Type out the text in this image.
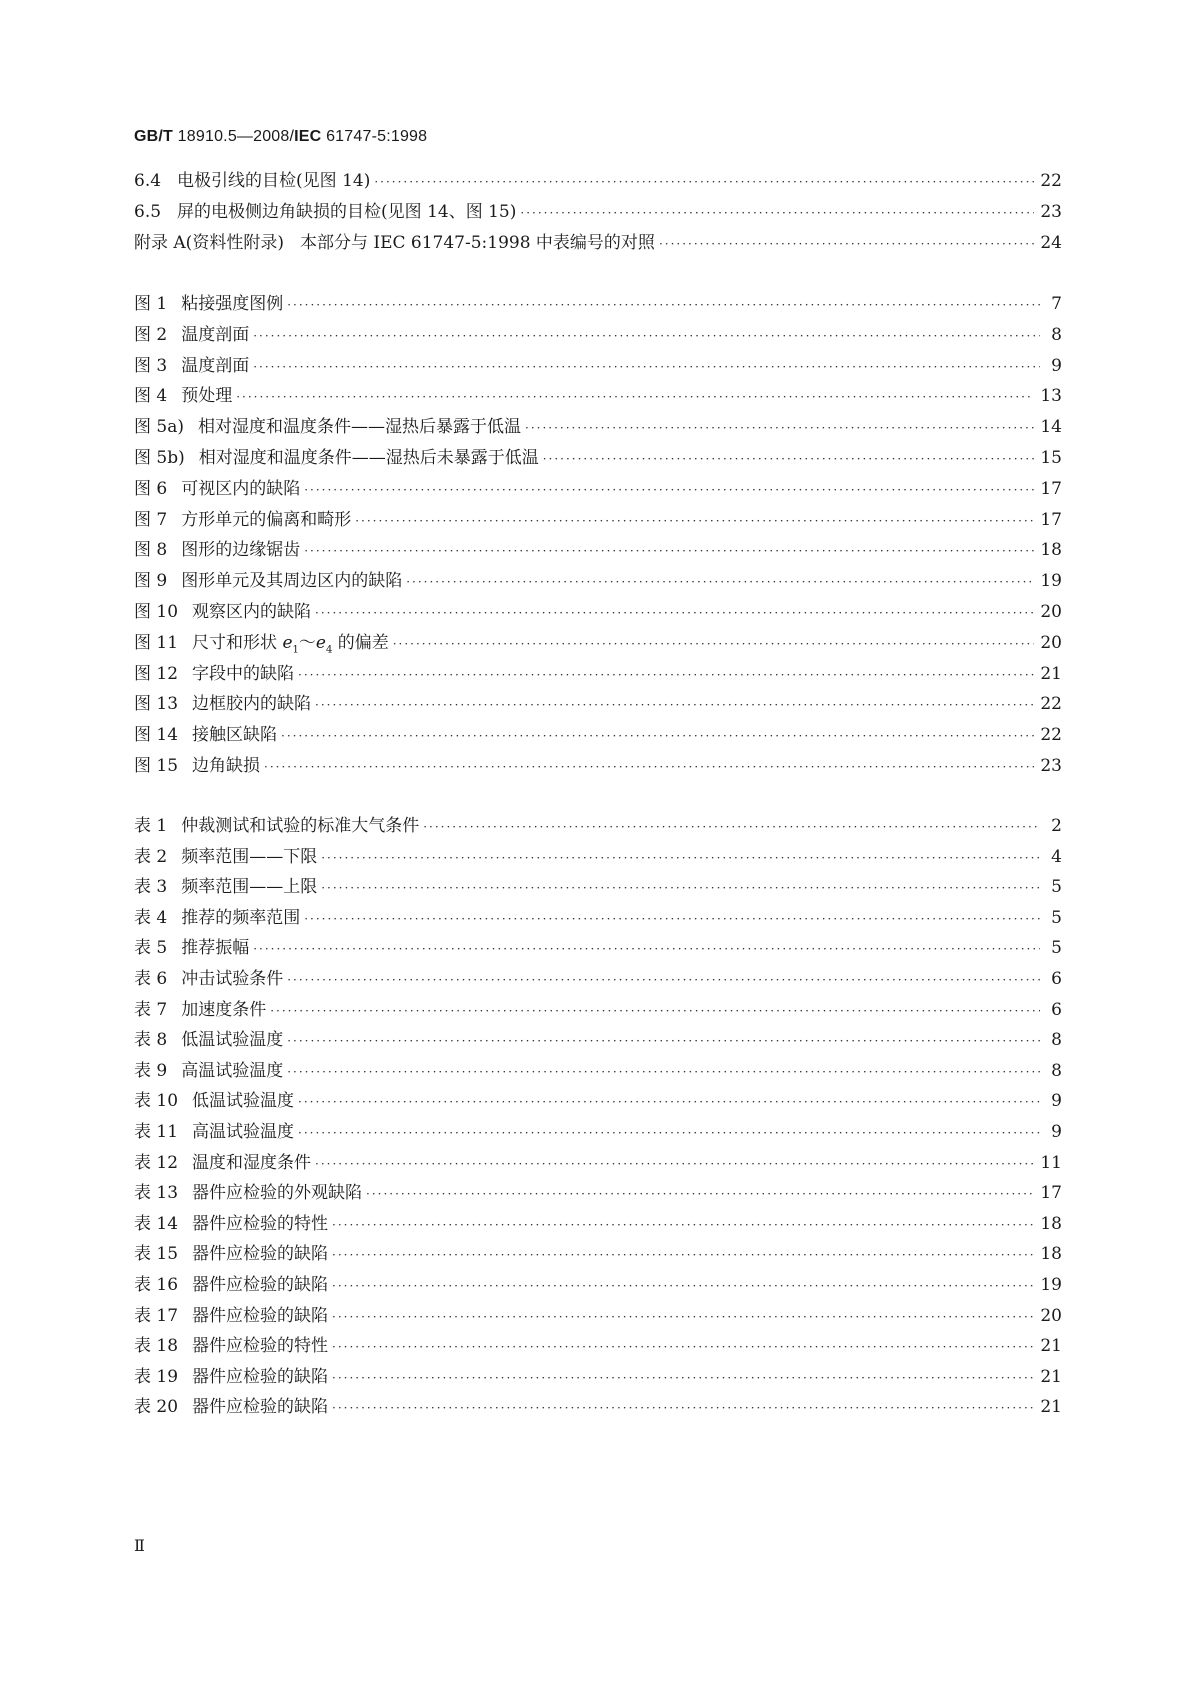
GB/T 18910.5—2008/IEC 61747-5:1998
6.4 电极引线的目检(见图 14) ·····	22
6.5 屏的电极侧边角缺损的目检(见图 14、图 15) ·····	23
附录 A(资料性附录) 本部分与 IEC 61747-5:1998 中表编号的对照 ·····	24
图 1 粘接强度图例 ·····	7
图 2 温度剖面 ·····	8
图 3 温度剖面 ·····	9
图 4 预处理 ·····	13
图 5a) 相对湿度和温度条件——湿热后暴露于低温 ·····	14
图 5b) 相对湿度和温度条件——湿热后未暴露于低温 ·····	15
图 6 可视区内的缺陷 ·····	17
图 7 方形单元的偏离和畸形 ·····	17
图 8 图形的边缘锯齿 ·····	18
图 9 图形单元及其周边区内的缺陷 ·····	19
图 10 观察区内的缺陷 ·····	20
图 11 尺寸和形状 $e_1\sim e_4$ 的偏差 ·····	20
图 12 字段中的缺陷 ·····	21
图 13 边框胶内的缺陷 ·····	22
图 14 接触区缺陷 ·····	22
图 15 边角缺损 ·····	23
表 1 仲裁测试和试验的标准大气条件 ·····	2
表 2 频率范围——下限 ·····	4
表 3 频率范围——上限 ·····	5
表 4 推荐的频率范围 ·····	5
表 5 推荐振幅 ·····	5
表 6 冲击试验条件 ·····	6
表 7 加速度条件 ·····	6
表 8 低温试验温度 ·····	8
表 9 高温试验温度 ·····	8
表 10 低温试验温度 ·····	9
表 11 高温试验温度 ·····	9
表 12 温度和湿度条件 ·····	11
表 13 器件应检验的外观缺陷 ·····	17
表 14 器件应检验的特性 ·····	18
表 15 器件应检验的缺陷 ·····	18
表 16 器件应检验的缺陷 ·····	19
表 17 器件应检验的缺陷 ·····	20
表 18 器件应检验的特性 ·····	21
表 19 器件应检验的缺陷 ·····	21
表 20 器件应检验的缺陷 ·····	21
Ⅱ
